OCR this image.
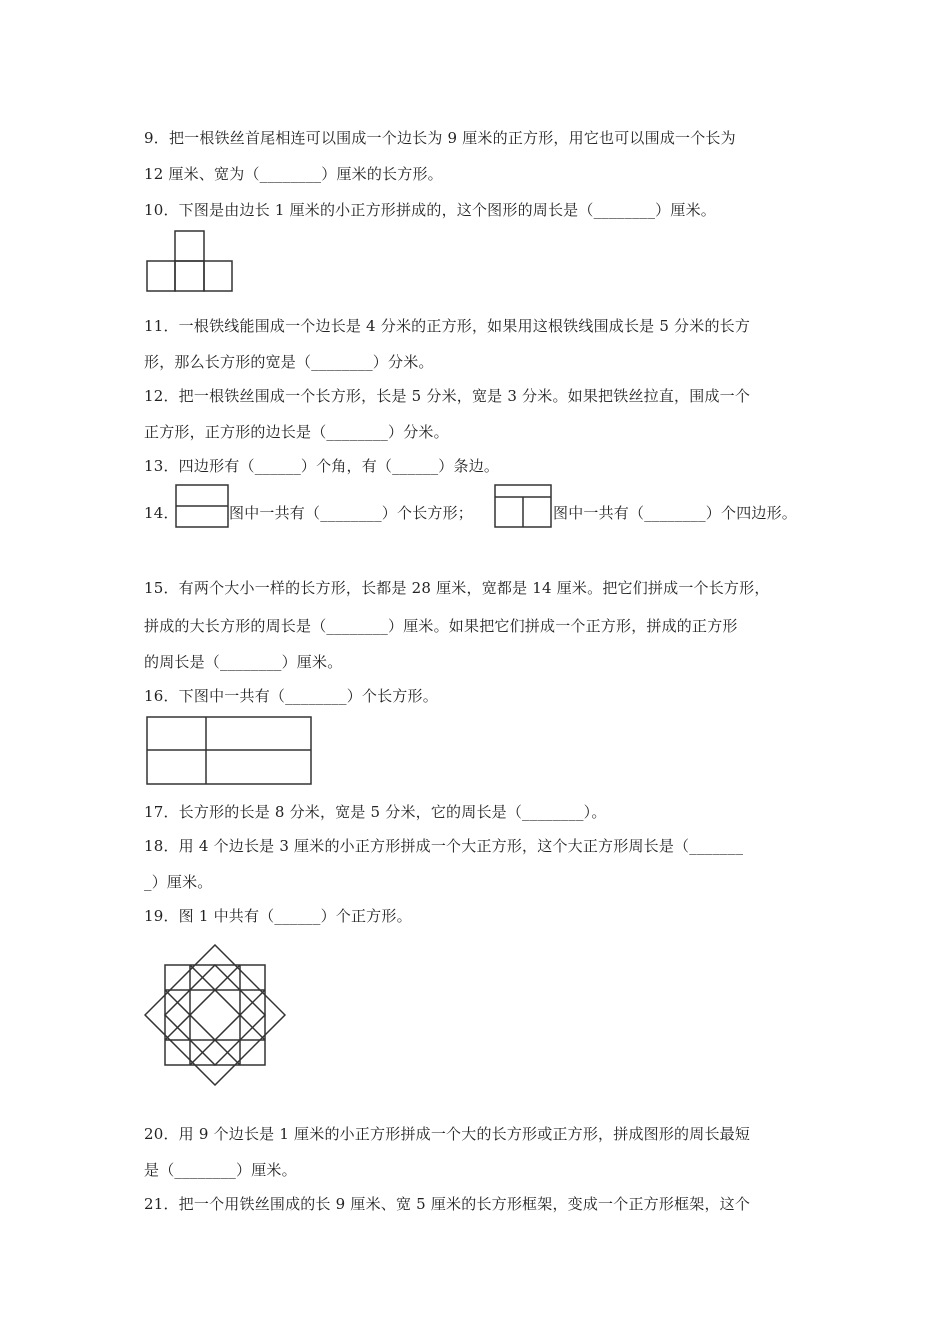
9．把一根铁丝首尾相连可以围成一个边长为 9 厘米的正方形，用它也可以围成一个长为

12 厘米、宽为（________）厘米的长方形。

10．下图是由边长 1 厘米的小正方形拼成的，这个图形的周长是（________）厘米。

11．一根铁线能围成一个边长是 4 分米的正方形，如果用这根铁线围成长是 5 分米的长方

形，那么长方形的宽是（________）分米。

12．把一根铁丝围成一个长方形，长是 5 分米，宽是 3 分米。如果把铁丝拉直，围成一个

正方形，正方形的边长是（________）分米。

13．四边形有（______）个角，有（______）条边。

14．	图中一共有（________）个长方形；	图中一共有（________）个四边形。

15．有两个大小一样的长方形，长都是 28 厘米，宽都是 14 厘米。把它们拼成一个长方形，

拼成的大长方形的周长是（________）厘米。如果把它们拼成一个正方形，拼成的正方形

的周长是（________）厘米。

16．下图中一共有（________）个长方形。

17．长方形的长是 8 分米，宽是 5 分米，它的周长是（________）。

18．用 4 个边长是 3 厘米的小正方形拼成一个大正方形，这个大正方形周长是（_______

_）厘米。

19．图 1 中共有（______）个正方形。

20．用 9 个边长是 1 厘米的小正方形拼成一个大的长方形或正方形，拼成图形的周长最短

是（________）厘米。

21．把一个用铁丝围成的长 9 厘米、宽 5 厘米的长方形框架，变成一个正方形框架，这个
